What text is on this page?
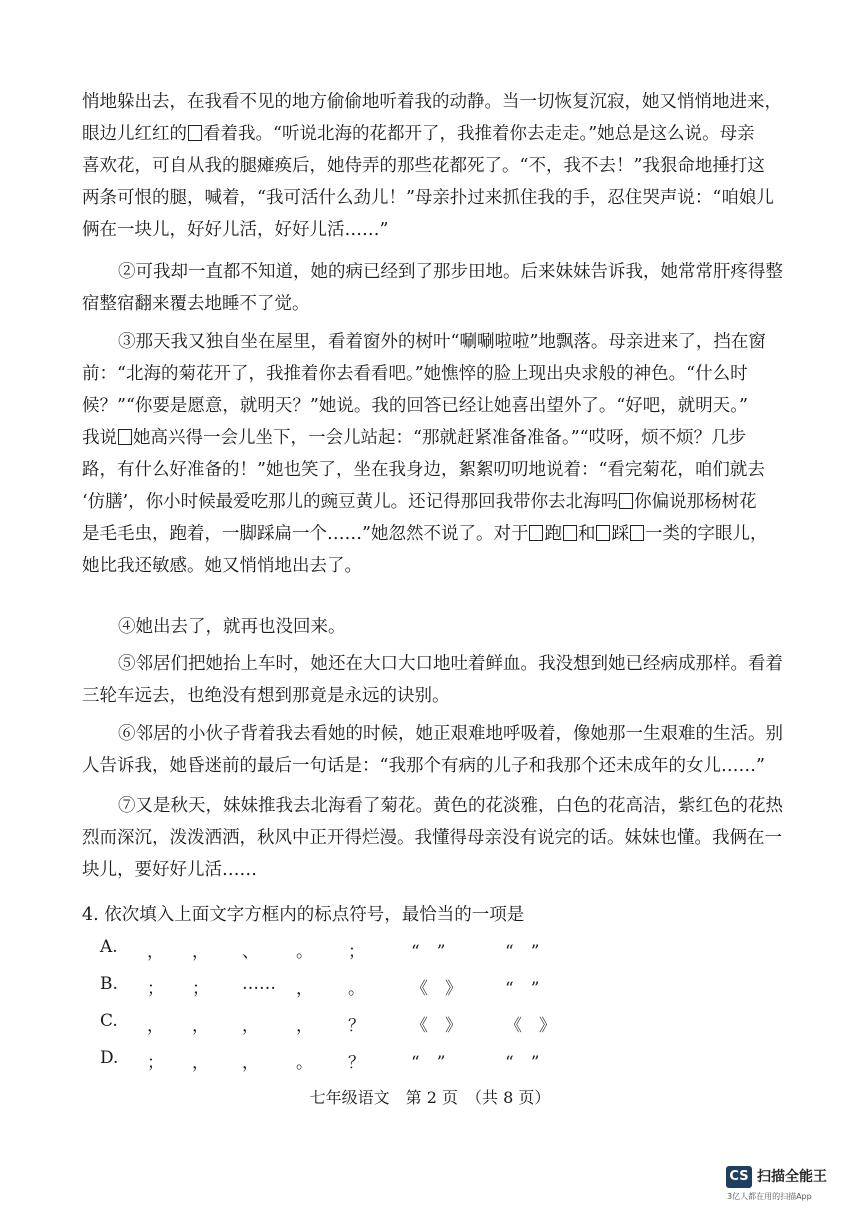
悄地躲出去，在我看不见的地方偷偷地听着我的动静。当一切恢复沉寂，她又悄悄地进来，
眼边儿红红的 看着我。“听说北海的花都开了，我推着你去走走。”她总是这么说。母亲
喜欢花，可自从我的腿瘫痪后，她侍弄的那些花都死了。“不，我不去！”我狠命地捶打这
两条可恨的腿，喊着，“我可活什么劲儿！”母亲扑过来抓住我的手，忍住哭声说：“咱娘儿
俩在一块儿，好好儿活，好好儿活……”
②可我却一直都不知道，她的病已经到了那步田地。后来妹妹告诉我，她常常肝疼得整
宿整宿翻来覆去地睡不了觉。
③那天我又独自坐在屋里，看着窗外的树叶“唰唰啦啦”地飘落。母亲进来了，挡在窗
前：“北海的菊花开了，我推着你去看看吧。”她憔悴的脸上现出央求般的神色。“什么时
候？”“你要是愿意，就明天？”她说。我的回答已经让她喜出望外了。“好吧，就明天。”
我说 她高兴得一会儿坐下，一会儿站起：“那就赶紧准备准备。”“哎呀，烦不烦？几步
路，有什么好准备的！”她也笑了，坐在我身边，絮絮叨叨地说着：“看完菊花，咱们就去
‘仿膳’，你小时候最爱吃那儿的豌豆黄儿。还记得那回我带你去北海吗 你偏说那杨树花
是毛毛虫，跑着，一脚踩扁一个……”她忽然不说了。对于 跑 和 踩 一类的字眼儿，
她比我还敏感。她又悄悄地出去了。
④她出去了，就再也没回来。
⑤邻居们把她抬上车时，她还在大口大口地吐着鲜血。我没想到她已经病成那样。看着
三轮车远去，也绝没有想到那竟是永远的诀别。
⑥邻居的小伙子背着我去看她的时候，她正艰难地呼吸着，像她那一生艰难的生活。别
人告诉我，她昏迷前的最后一句话是：“我那个有病的儿子和我那个还未成年的女儿……”
⑦又是秋天，妹妹推我去北海看了菊花。黄色的花淡雅，白色的花高洁，紫红色的花热
烈而深沉，泼泼洒洒，秋风中正开得烂漫。我懂得母亲没有说完的话。妹妹也懂。我俩在一
块儿，要好好儿活……

4. 依次填入上面文字方框内的标点符号，最恰当的一项是

A. ， ， 、 。 ；	“　”	“　”
B. ； ； …… ， 。	《　》	“　”
C. ， ， ， ， ？	《　》	《　》
D. ； ， ， 。 ？	“　”	“　”
七年级语文　第 2 页　（共 8 页）
CS 扫描全能王
3亿人都在用的扫描App
